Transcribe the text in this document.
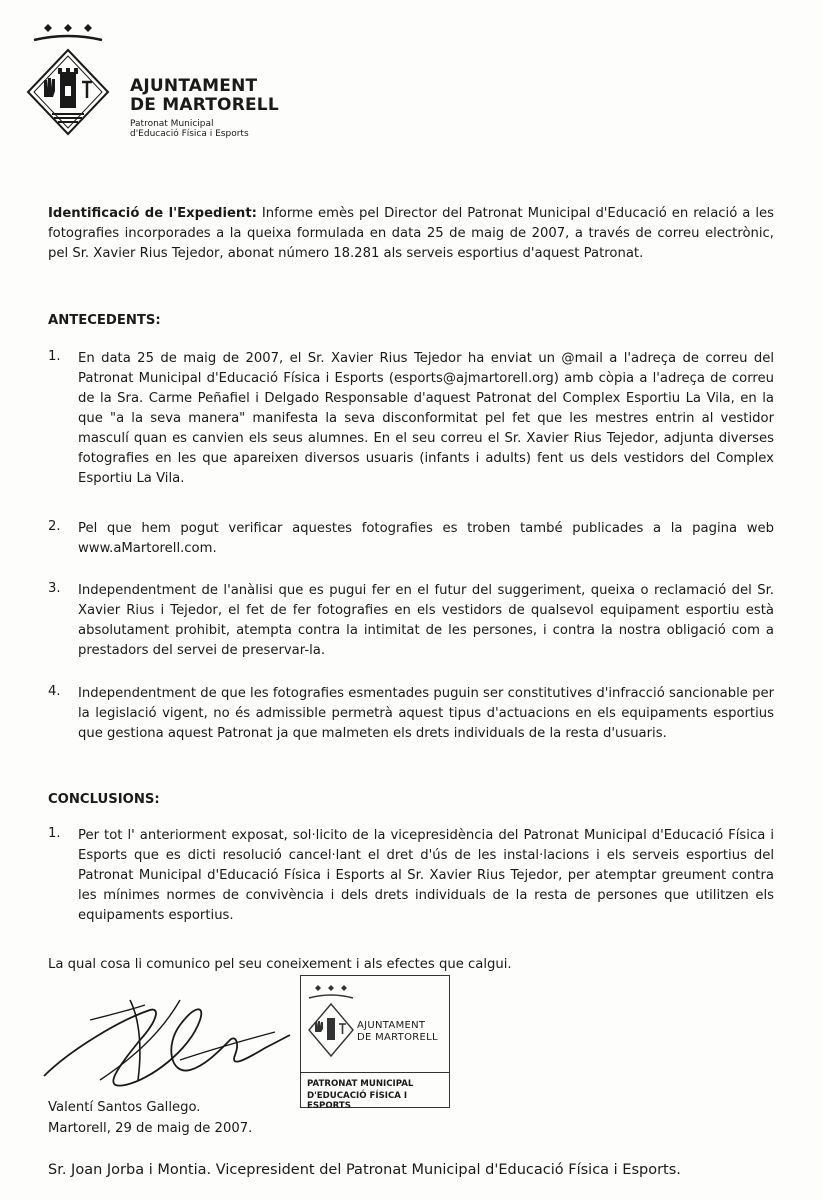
AJUNTAMENT
DE MARTORELL
Patronat Municipal
d'Educació Física i Esports
Identificació de l'Expedient: Informe emès pel Director del Patronat Municipal d'Educació en relació a les fotografies incorporades a la queixa formulada en data 25 de maig de 2007, a través de correu electrònic, pel Sr. Xavier Rius Tejedor, abonat número 18.281 als serveis esportius d'aquest Patronat.
ANTECEDENTS:
1. En data 25 de maig de 2007, el Sr. Xavier Rius Tejedor ha enviat un @mail a l'adreça de correu del Patronat Municipal d'Educació Física i Esports (esports@ajmartorell.org) amb còpia a l'adreça de correu de la Sra. Carme Peñafiel i Delgado Responsable d'aquest Patronat del Complex Esportiu La Vila, en la que "a la seva manera" manifesta la seva disconformitat pel fet que les mestres entrin al vestidor masculí quan es canvien els seus alumnes. En el seu correu el Sr. Xavier Rius Tejedor, adjunta diverses fotografies en les que apareixen diversos usuaris (infants i adults) fent us dels vestidors del Complex Esportiu La Vila.
2. Pel que hem pogut verificar aquestes fotografies es troben també publicades a la pagina web www.aMartorell.com.
3. Independentment de l'anàlisi que es pugui fer en el futur del suggeriment, queixa o reclamació del Sr. Xavier Rius i Tejedor, el fet de fer fotografies en els vestidors de qualsevol equipament esportiu està absolutament prohibit, atempta contra la intimitat de les persones, i contra la nostra obligació com a prestadors del servei de preservar-la.
4. Independentment de que les fotografies esmentades puguin ser constitutives d'infracció sancionable per la legislació vigent, no és admissible permetrà aquest tipus d'actuacions en els equipaments esportius que gestiona aquest Patronat ja que malmeten els drets individuals de la resta d'usuaris.
CONCLUSIONS:
1. Per tot l' anteriorment exposat, sol·licito de la vicepresidència del Patronat Municipal d'Educació Física i Esports que es dicti resolució cancel·lant el dret d'ús de les instal·lacions i els serveis esportius del Patronat Municipal d'Educació Física i Esports al Sr. Xavier Rius Tejedor, per atemptar greument contra les mínimes normes de convivència i dels drets individuals de la resta de persones que utilitzen els equipaments esportius.
La qual cosa li comunico pel seu coneixement i als efectes que calgui.
AJUNTAMENT
DE MARTORELL
PATRONAT MUNICIPAL
D'EDUCACIÓ FÍSICA I ESPORTS
Valentí Santos Gallego.
Martorell, 29 de maig de 2007.
Sr. Joan Jorba i Montia. Vicepresident del Patronat Municipal d'Educació Física i Esports.
